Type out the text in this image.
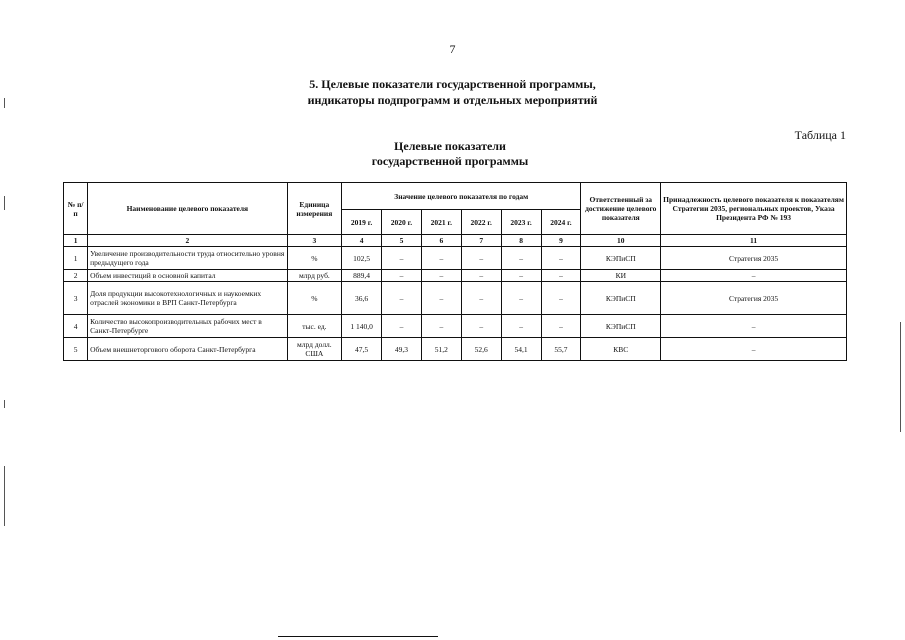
7
5. Целевые показатели государственной программы,
индикаторы подпрограмм и отдельных мероприятий
Таблица 1
Целевые показатели
государственной программы
№ п/п	Наименование целевого показателя	Единица измерения	Значение целевого показателя по годам						Ответственный за достижение целевого показателя	Принадлежность целевого показателя к показателям Стратегии 2035, региональных проектов, Указа Президента РФ № 193
			2019 г.	2020 г.	2021 г.	2022 г.	2023 г.	2024 г.		
1	2	3	4	5	6	7	8	9	10	11
1	Увеличение производительности труда относительно уровня предыдущего года	%	102,5	–	–	–	–	–	КЭПиСП	Стратегия 2035
2	Объем инвестиций в основной капитал	млрд руб.	889,4	–	–	–	–	–	КИ	–
3	Доля продукции высокотехнологичных и наукоемких отраслей экономики в ВРП Санкт-Петербурга	%	36,6	–	–	–	–	–	КЭПиСП	Стратегия 2035
4	Количество высокопроизводительных рабочих мест в Санкт-Петербурге	тыс. ед.	1 140,0	–	–	–	–	–	КЭПиСП	–
5	Объем внешнеторгового оборота Санкт-Петербурга	млрд долл. США	47,5	49,3	51,2	52,6	54,1	55,7	КВС	–
